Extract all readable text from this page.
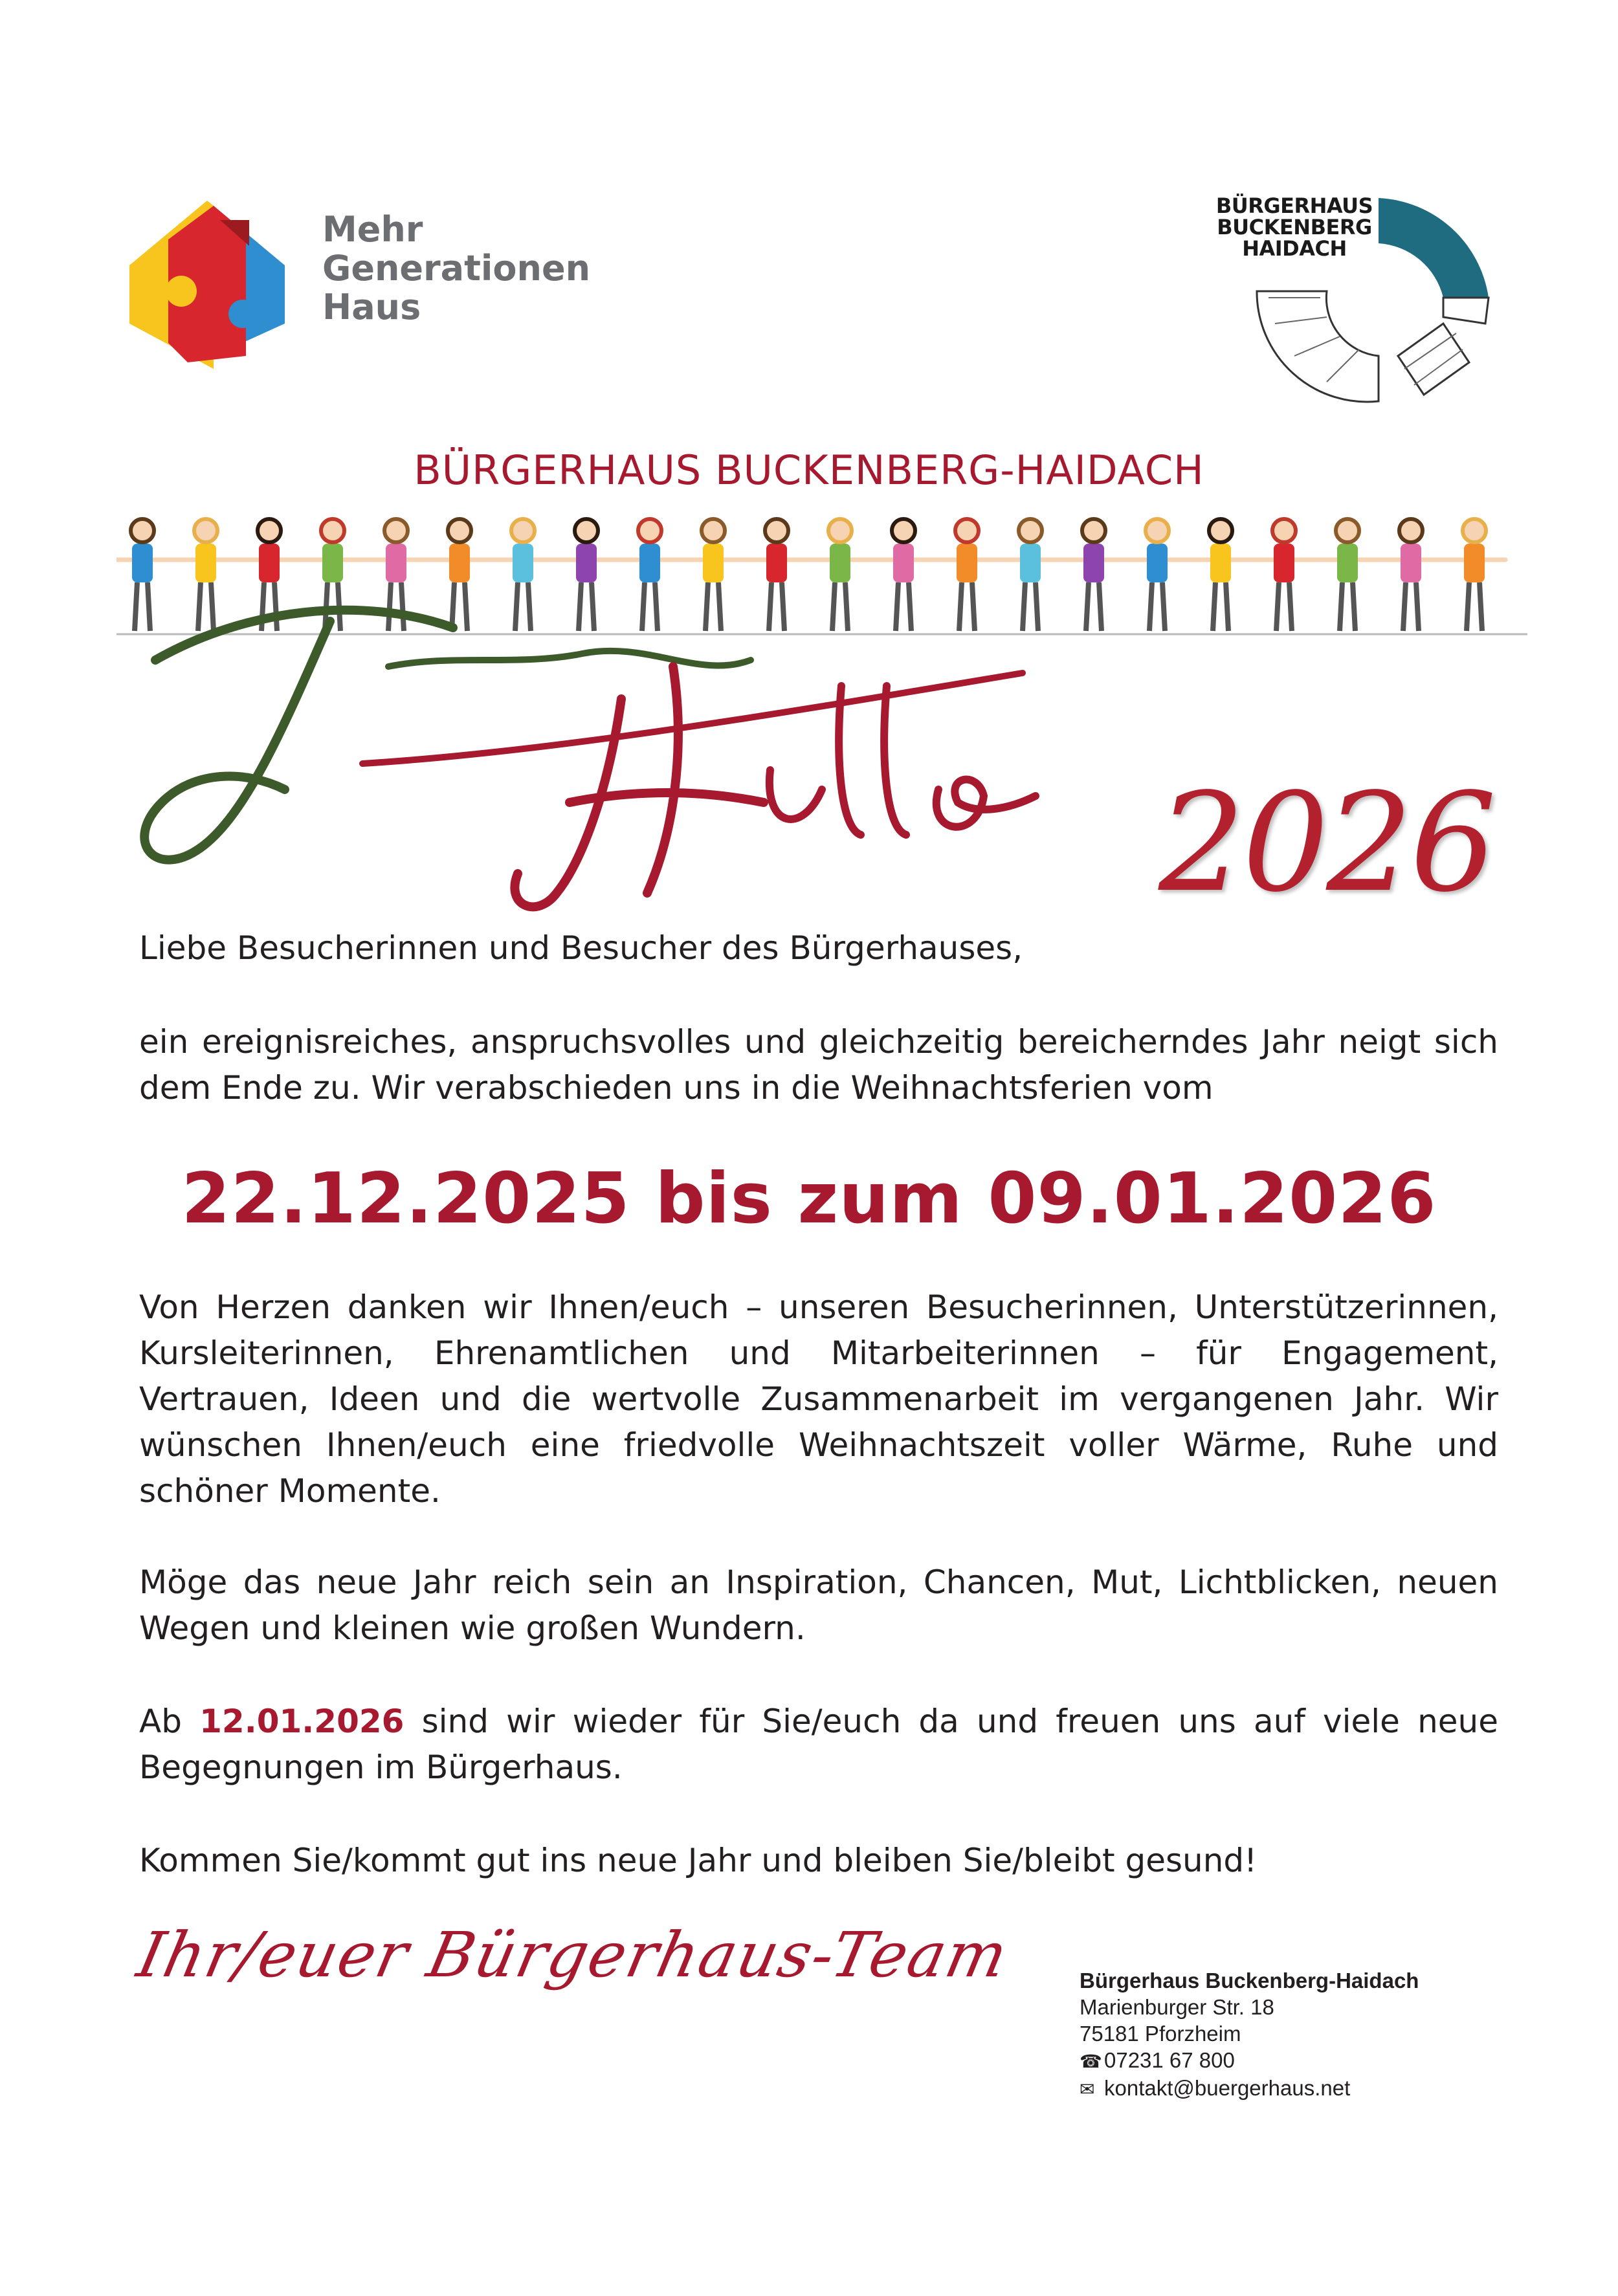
Mehr
Generationen
Haus
BÜRGERHAUS
BUCKENBERG
HAIDACH
BÜRGERHAUS BUCKENBERG-HAIDACH
2026
Liebe Besucherinnen und Besucher des Bürgerhauses,
ein ereignisreiches, anspruchsvolles und gleichzeitig bereicherndes Jahr neigt sich dem Ende zu. Wir verabschieden uns in die Weihnachtsferien vom
22.12.2025 bis zum 09.01.2026
Von Herzen danken wir Ihnen/euch – unseren Besucherinnen, Unterstützerinnen, Kursleiterinnen, Ehrenamtlichen und Mitarbeiterinnen – für Engagement, Vertrauen, Ideen und die wertvolle Zusammenarbeit im vergangenen Jahr. Wir wünschen Ihnen/euch eine friedvolle Weihnachtszeit voller Wärme, Ruhe und schöner Momente.
Möge das neue Jahr reich sein an Inspiration, Chancen, Mut, Lichtblicken, neuen Wegen und kleinen wie großen Wundern.
Ab 12.01.2026 sind wir wieder für Sie/euch da und freuen uns auf viele neue Begegnungen im Bürgerhaus.
Kommen Sie/kommt gut ins neue Jahr und bleiben Sie/bleibt gesund!
Ihr/euer Bürgerhaus-Team	Bürgerhaus Buckenberg-Haidach
Marienburger Str. 18
75181 Pforzheim
☎07231 67 800
✉ kontakt@buergerhaus.net
